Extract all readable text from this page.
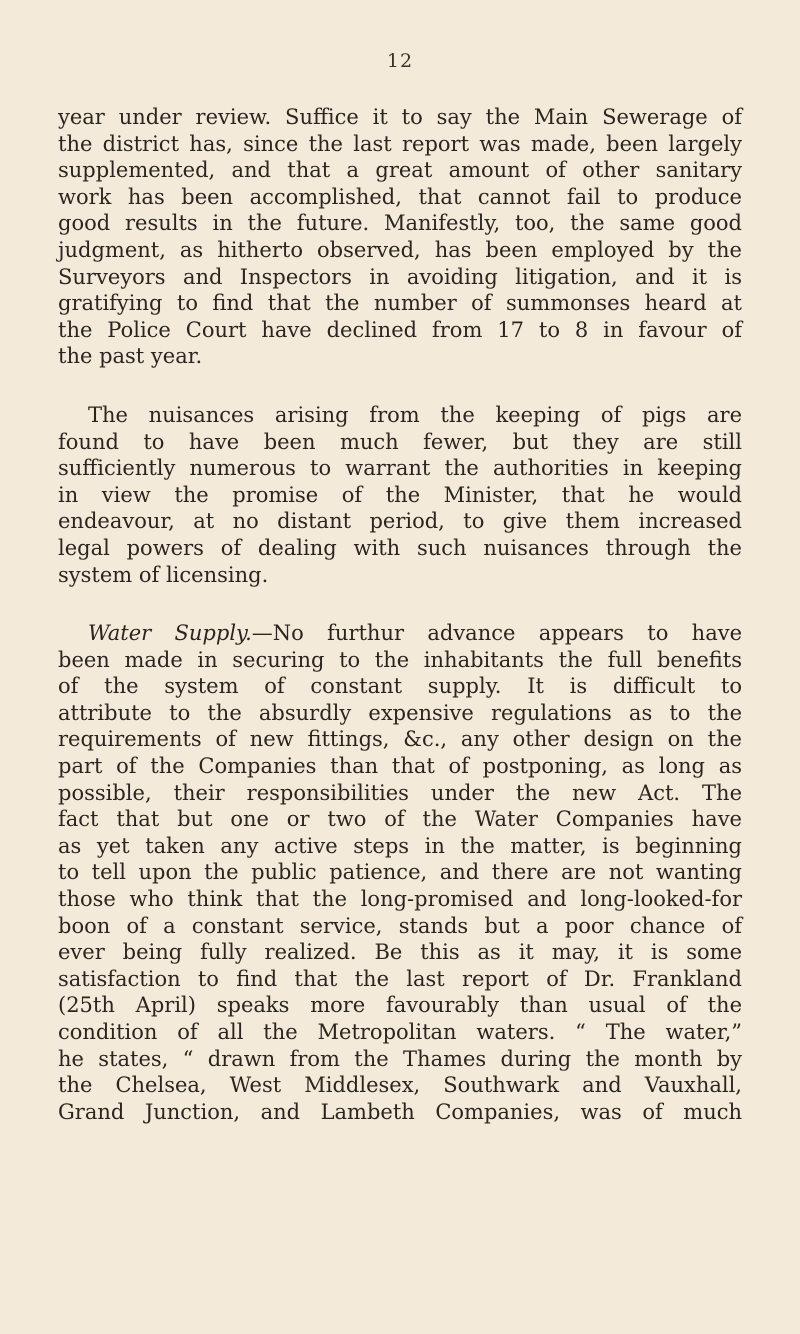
12
year under review. Suffice it to say the Main Sewerage of
the district has, since the last report was made, been largely
supplemented, and that a great amount of other sanitary
work has been accomplished, that cannot fail to produce
good results in the future. Manifestly, too, the same good
judgment, as hitherto observed, has been employed by the
Surveyors and Inspectors in avoiding litigation, and it is
gratifying to find that the number of summonses heard at
the Police Court have declined from 17 to 8 in favour of
the past year.
The nuisances arising from the keeping of pigs are
found to have been much fewer, but they are still
sufficiently numerous to warrant the authorities in keeping
in view the promise of the Minister, that he would
endeavour, at no distant period, to give them increased
legal powers of dealing with such nuisances through the
system of licensing.
Water Supply.—No furthur advance appears to have
been made in securing to the inhabitants the full benefits
of the system of constant supply. It is difficult to
attribute to the absurdly expensive regulations as to the
requirements of new fittings, &c., any other design on the
part of the Companies than that of postponing, as long as
possible, their responsibilities under the new Act. The
fact that but one or two of the Water Companies have
as yet taken any active steps in the matter, is beginning
to tell upon the public patience, and there are not wanting
those who think that the long-promised and long-looked-for
boon of a constant service, stands but a poor chance of
ever being fully realized. Be this as it may, it is some
satisfaction to find that the last report of Dr. Frankland
(25th April) speaks more favourably than usual of the
condition of all the Metropolitan waters. “ The water,”
he states, “ drawn from the Thames during the month by
the Chelsea, West Middlesex, Southwark and Vauxhall,
Grand Junction, and Lambeth Companies, was of much
